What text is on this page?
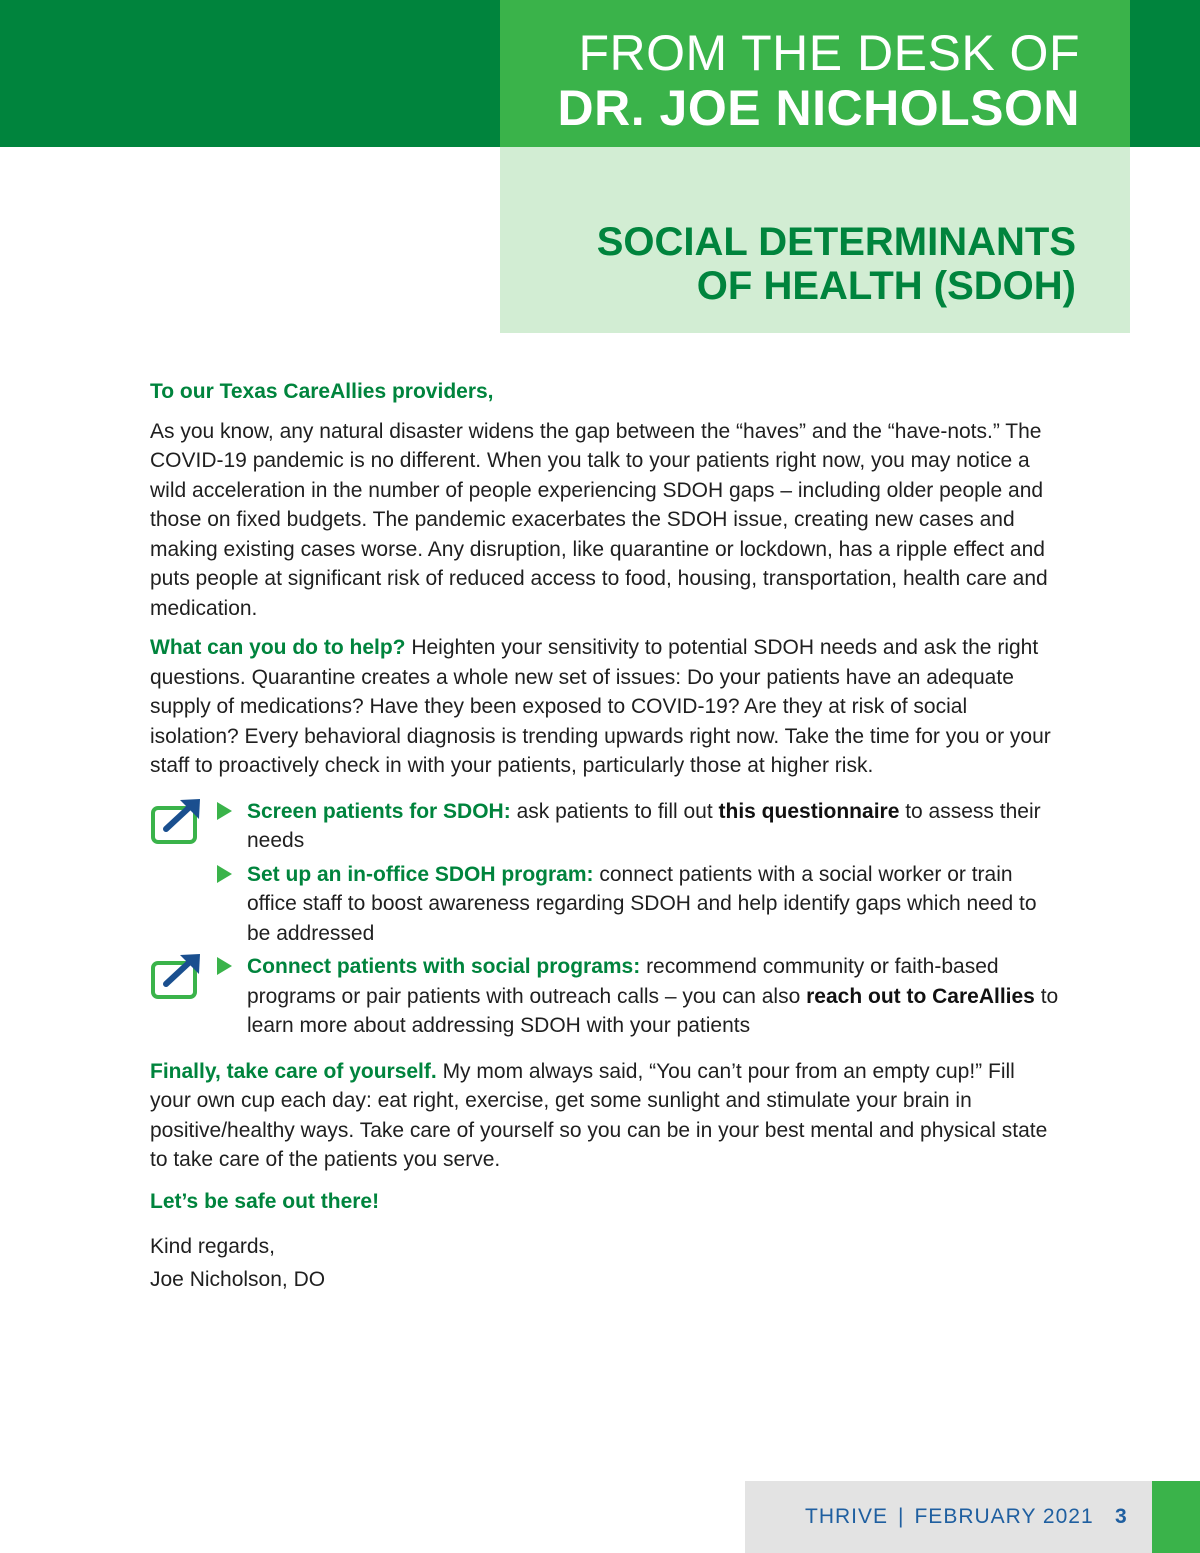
FROM THE DESK OF
DR. JOE NICHOLSON
SOCIAL DETERMINANTS OF HEALTH (SDOH)

To our Texas CareAllies providers,

As you know, any natural disaster widens the gap between the “haves” and the “have-nots.” The COVID-19 pandemic is no different. When you talk to your patients right now, you may notice a wild acceleration in the number of people experiencing SDOH gaps – including older people and those on fixed budgets. The pandemic exacerbates the SDOH issue, creating new cases and making existing cases worse. Any disruption, like quarantine or lockdown, has a ripple effect and puts people at significant risk of reduced access to food, housing, transportation, health care and medication.

What can you do to help? Heighten your sensitivity to potential SDOH needs and ask the right questions. Quarantine creates a whole new set of issues: Do your patients have an adequate supply of medications? Have they been exposed to COVID-19? Are they at risk of social isolation? Every behavioral diagnosis is trending upwards right now. Take the time for you or your staff to proactively check in with your patients, particularly those at higher risk.

Screen patients for SDOH: ask patients to fill out this questionnaire to assess their needs
Set up an in-office SDOH program: connect patients with a social worker or train office staff to boost awareness regarding SDOH and help identify gaps which need to be addressed
Connect patients with social programs: recommend community or faith-based programs or pair patients with outreach calls – you can also reach out to CareAllies to learn more about addressing SDOH with your patients

Finally, take care of yourself. My mom always said, “You can’t pour from an empty cup!” Fill your own cup each day: eat right, exercise, get some sunlight and stimulate your brain in positive/healthy ways. Take care of yourself so you can be in your best mental and physical state to take care of the patients you serve.

Let’s be safe out there!

Kind regards,

Joe Nicholson, DO

THRIVE | FEBRUARY 2021 3
